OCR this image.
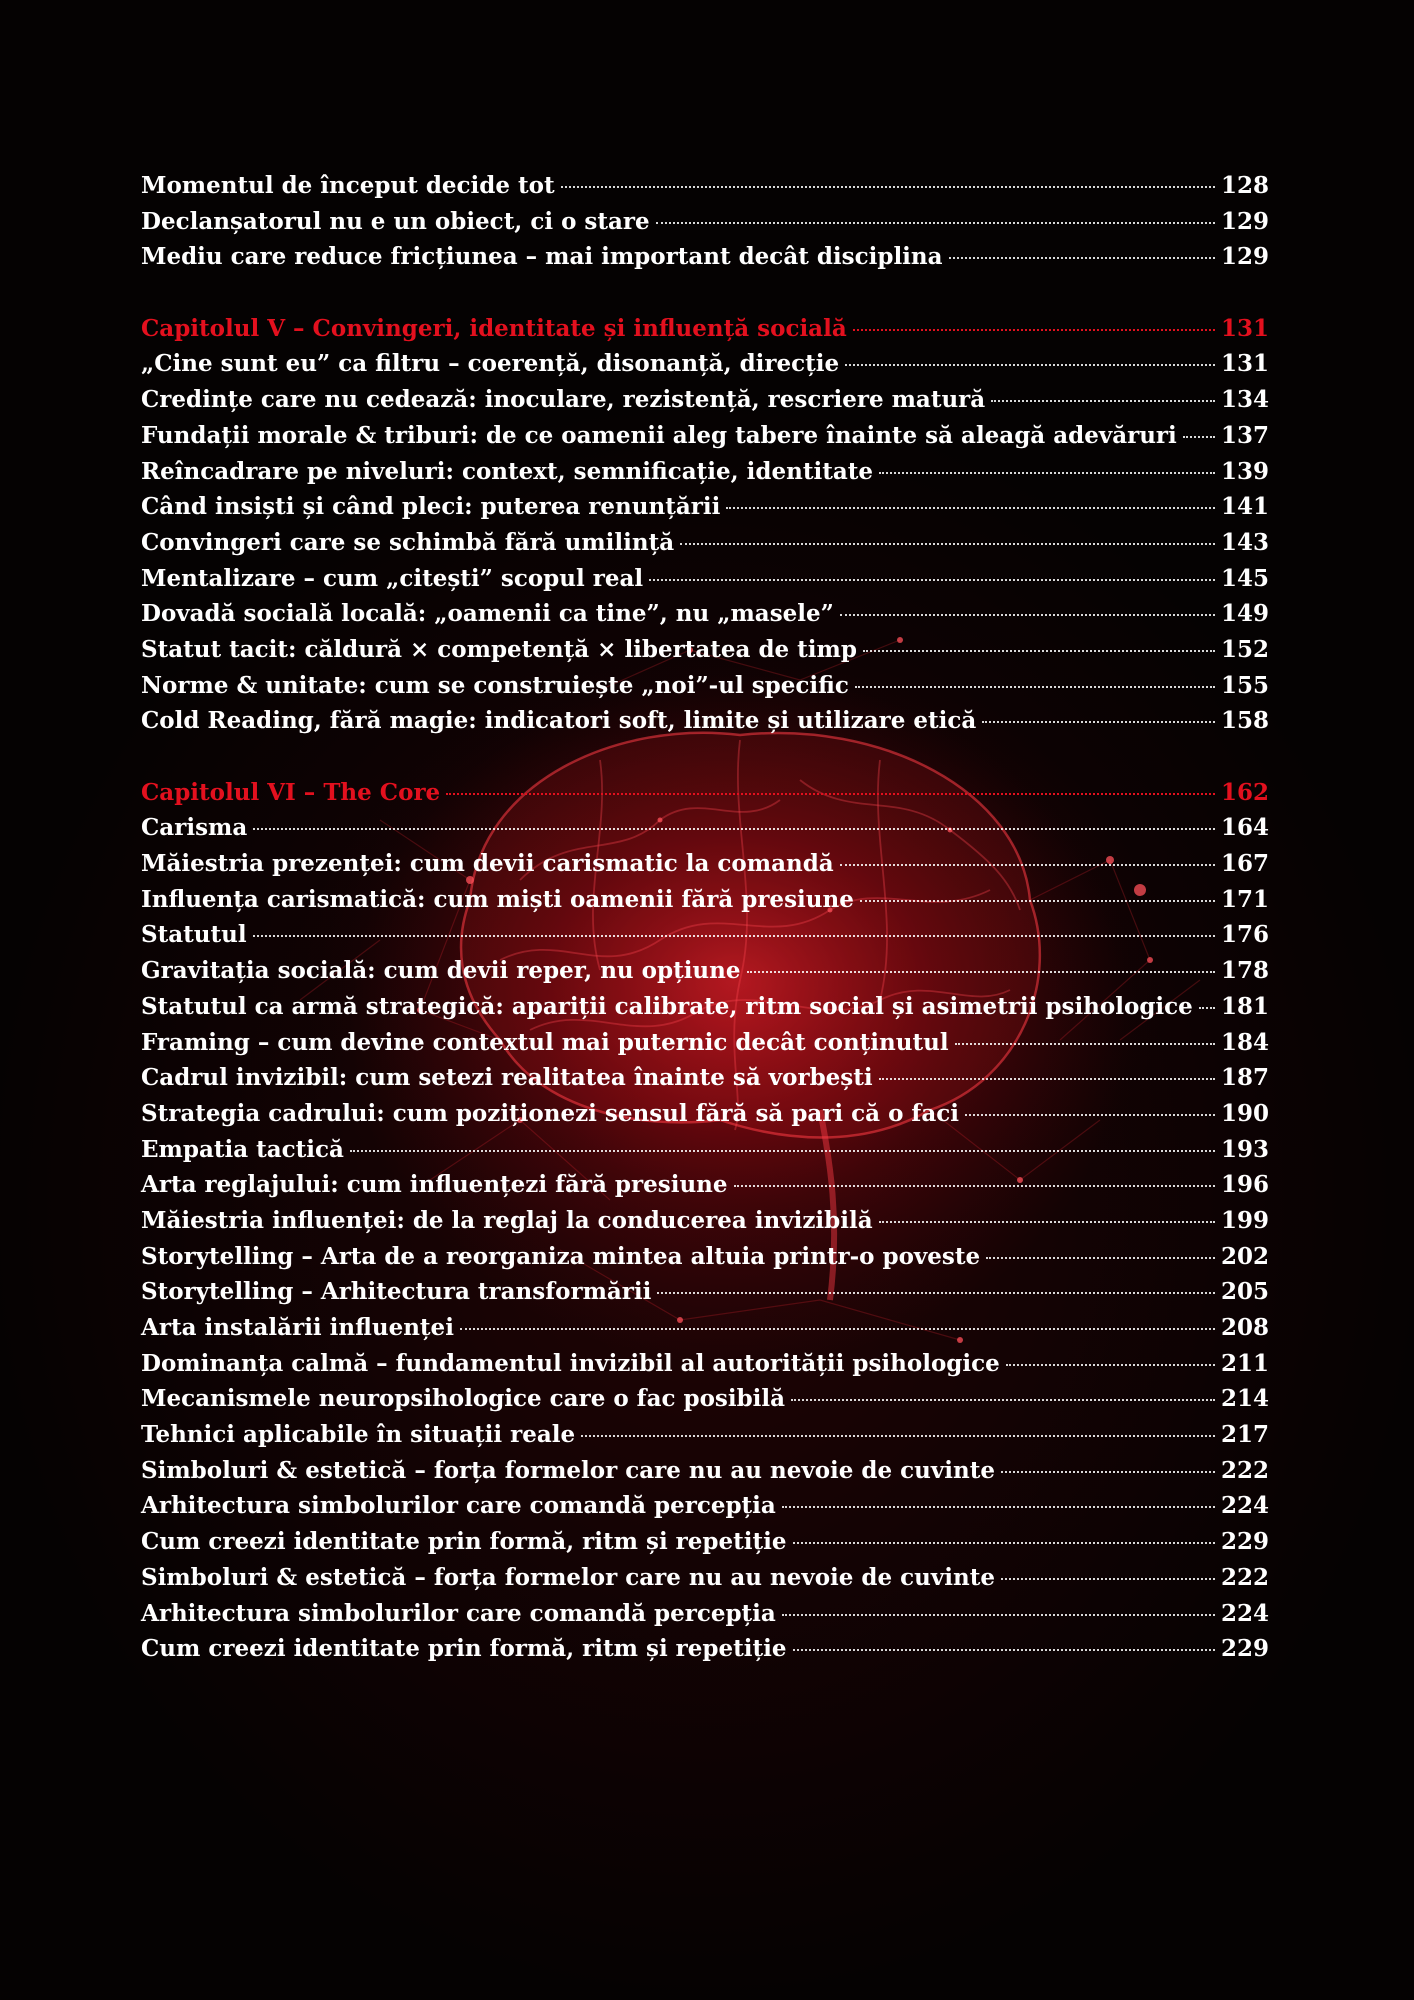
Momentul de început decide tot	128
Declanșatorul nu e un obiect, ci o stare	129
Mediu care reduce fricțiunea – mai important decât disciplina	129
Capitolul V – Convingeri, identitate și influență socială	131
„Cine sunt eu” ca filtru – coerență, disonanță, direcție	131
Credințe care nu cedează: inoculare, rezistență, rescriere matură	134
Fundații morale & triburi: de ce oamenii aleg tabere înainte să aleagă adevăruri 137
Reîncadrare pe niveluri: context, semnificație, identitate	139
Când insiști și când pleci: puterea renunțării	141
Convingeri care se schimbă fără umilință	143
Mentalizare – cum „citești” scopul real	145
Dovadă socială locală: „oamenii ca tine”, nu „masele”	149
Statut tacit: căldură × competență × libertatea de timp	152
Norme & unitate: cum se construiește „noi”-ul specific	155
Cold Reading, fără magie: indicatori soft, limite și utilizare etică	158
Capitolul VI – The Core	162
Carisma	164
Măiestria prezenței: cum devii carismatic la comandă	167
Influența carismatică: cum miști oamenii fără presiune	171
Statutul	176
Gravitația socială: cum devii reper, nu opțiune	178
Statutul ca armă strategică: apariții calibrate, ritm social și asimetrii psihologice 181
Framing – cum devine contextul mai puternic decât conținutul	184
Cadrul invizibil: cum setezi realitatea înainte să vorbești	187
Strategia cadrului: cum poziționezi sensul fără să pari că o faci	190
Empatia tactică	193
Arta reglajului: cum influențezi fără presiune	196
Măiestria influenței: de la reglaj la conducerea invizibilă	199
Storytelling – Arta de a reorganiza mintea altuia printr-o poveste	202
Storytelling – Arhitectura transformării	205
Arta instalării influenței	208
Dominanța calmă – fundamentul invizibil al autorității psihologice	211
Mecanismele neuropsihologice care o fac posibilă	214
Tehnici aplicabile în situații reale	217
Simboluri & estetică – forța formelor care nu au nevoie de cuvinte	222
Arhitectura simbolurilor care comandă percepția	224
Cum creezi identitate prin formă, ritm și repetiție	229
Simboluri & estetică – forța formelor care nu au nevoie de cuvinte	222
Arhitectura simbolurilor care comandă percepția	224
Cum creezi identitate prin formă, ritm și repetiție	229
